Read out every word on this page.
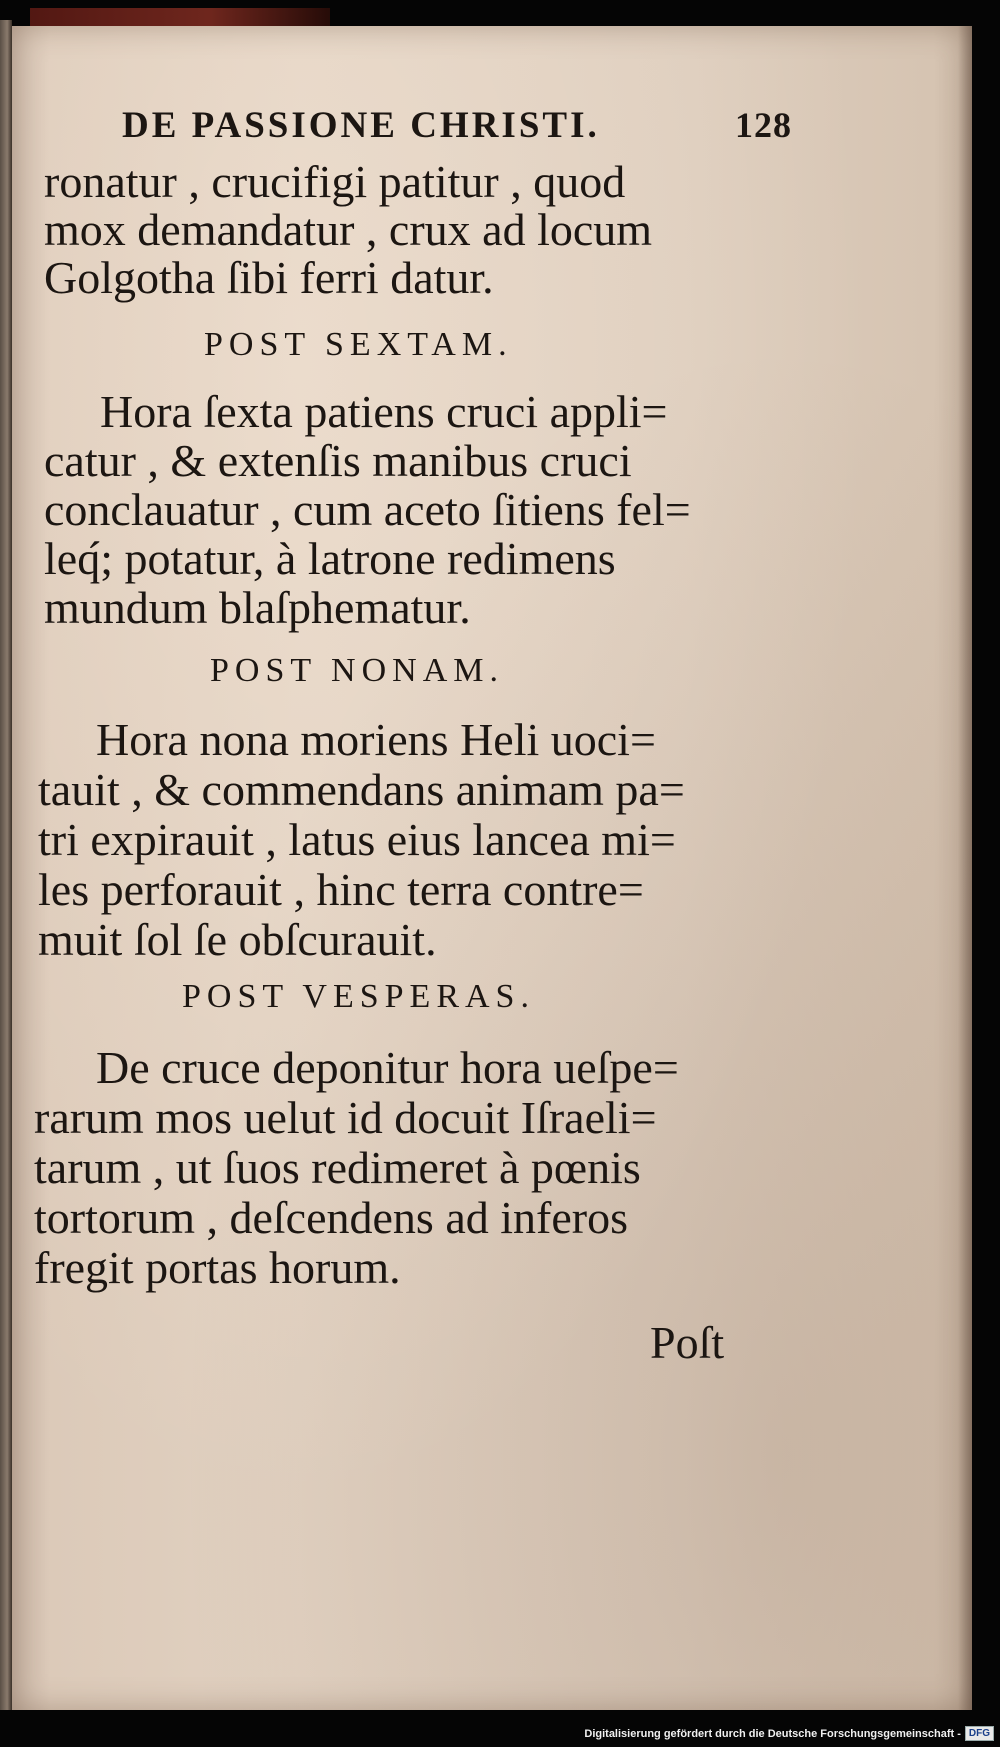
DE PASSIONE CHRISTI.	128
ronatur , crucifigi patitur , quod
mox demandatur , crux ad locum
Golgotha ſibi ferri datur.
POST SEXTAM.
Hora ſexta patiens cruci appli=
catur , & extenſis manibus cruci
conclauatur , cum aceto ſitiens fel=
leq́; potatur, à latrone redimens
mundum blaſphematur.
POST NONAM.
Hora nona moriens Heli uoci=
tauit , & commendans animam pa=
tri expirauit , latus eius lancea mi=
les perforauit , hinc terra contre=
muit ſol ſe obſcurauit.
POST VESPERAS.
De cruce deponitur hora ueſpe=
rarum mos uelut id docuit Iſraeli=
tarum , ut ſuos redimeret à pœnis
tortorum , deſcendens ad inferos
fregit portas horum.
Poſt
Digitalisierung gefördert durch die Deutsche Forschungsgemeinschaft - DFG
